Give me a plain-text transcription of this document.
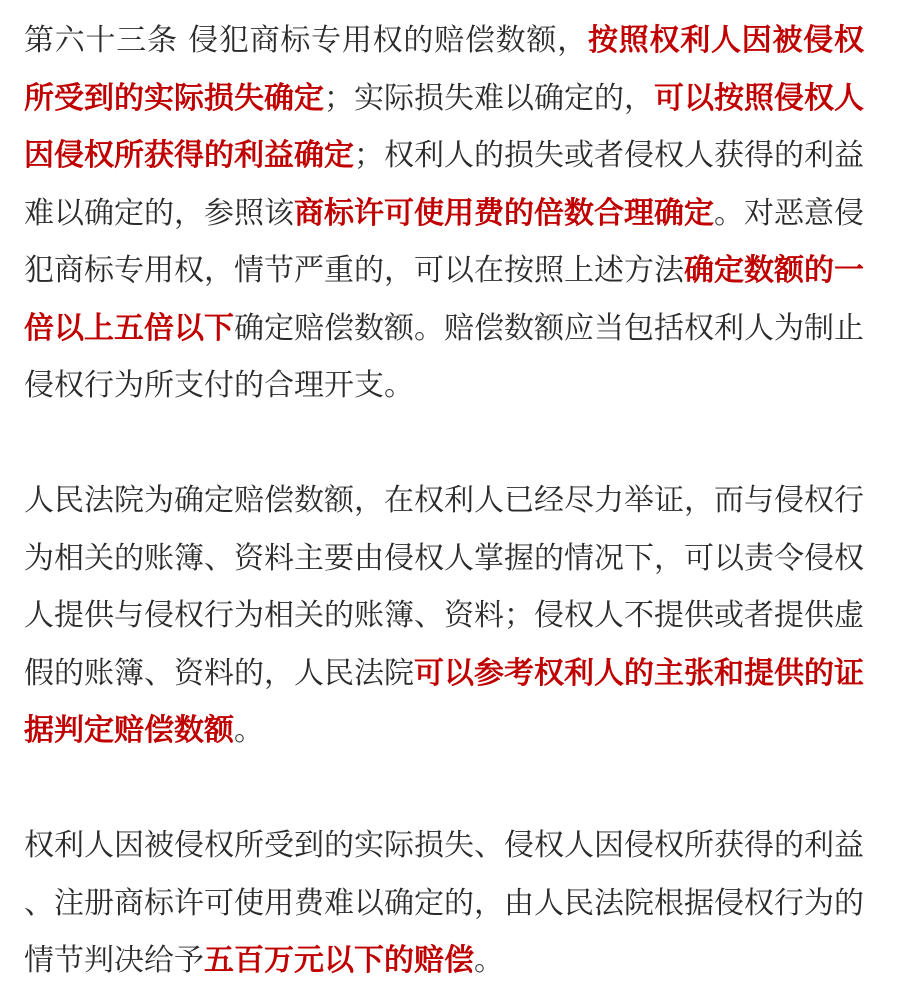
第六十三条 侵犯商标专用权的赔偿数额，按照权利人因被侵权所受到的实际损失确定；实际损失难以确定的，可以按照侵权人因侵权所获得的利益确定；权利人的损失或者侵权人获得的利益难以确定的，参照该商标许可使用费的倍数合理确定。对恶意侵犯商标专用权，情节严重的，可以在按照上述方法确定数额的一倍以上五倍以下确定赔偿数额。赔偿数额应当包括权利人为制止侵权行为所支付的合理开支。

人民法院为确定赔偿数额，在权利人已经尽力举证，而与侵权行为相关的账簿、资料主要由侵权人掌握的情况下，可以责令侵权人提供与侵权行为相关的账簿、资料；侵权人不提供或者提供虚假的账簿、资料的，人民法院可以参考权利人的主张和提供的证据判定赔偿数额。

权利人因被侵权所受到的实际损失、侵权人因侵权所获得的利益、注册商标许可使用费难以确定的，由人民法院根据侵权行为的情节判决给予五百万元以下的赔偿。
